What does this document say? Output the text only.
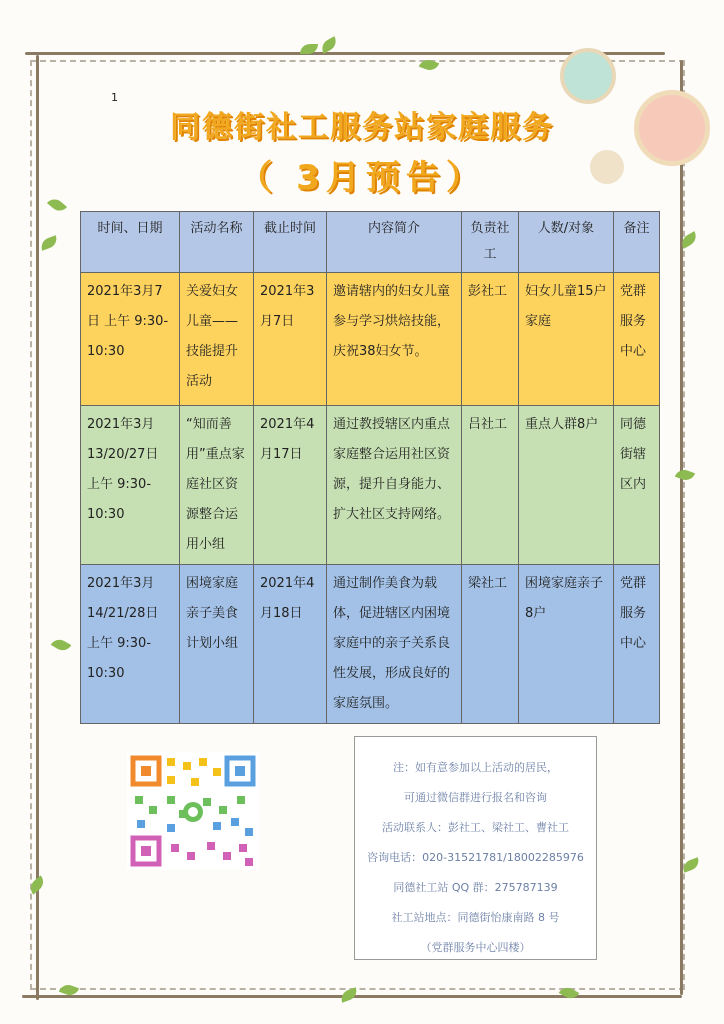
1
同德街社工服务站家庭服务
（ 3月预告）
时间、日期	活动名称	截止时间	内容简介	负责社工	人数/对象	备注
2021年3月7日 上午 9:30-10:30	关爱妇女儿童——技能提升活动	2021年3月7日	邀请辖内的妇女儿童参与学习烘焙技能，庆祝38妇女节。	彭社工	妇女儿童15户家庭	党群服务中心
2021年3月13/20/27日 上午 9:30-10:30	“知而善用”重点家庭社区资源整合运用小组	2021年4月17日	通过教授辖区内重点家庭整合运用社区资源，提升自身能力、扩大社区支持网络。	吕社工	重点人群8户	同德街辖区内
2021年3月14/21/28日 上午 9:30-10:30	困境家庭亲子美食计划小组	2021年4月18日	通过制作美食为载体，促进辖区内困境家庭中的亲子关系良性发展，形成良好的家庭氛围。	梁社工	困境家庭亲子8户	党群服务中心
注：如有意参加以上活动的居民，
可通过微信群进行报名和咨询
活动联系人：彭社工、梁社工、曹社工
咨询电话：020-31521781/18002285976
同德社工站 QQ 群：275787139
社工站地点：同德街怡康南路 8 号
（党群服务中心四楼）
